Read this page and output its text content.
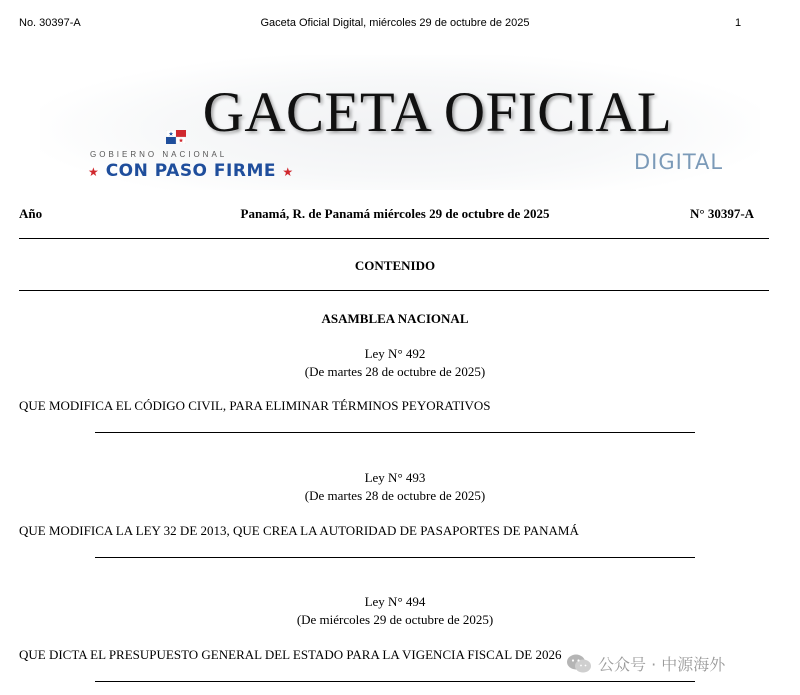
No. 30397-A	Gaceta Oficial Digital, miércoles 29 de octubre de 2025	1
GACETA OFICIAL
GOBIERNO NACIONAL
★ CON PASO FIRME ★	DIGITAL
Año	Panamá, R. de Panamá miércoles 29 de octubre de 2025	N° 30397-A
CONTENIDO
ASAMBLEA NACIONAL
Ley N° 492
(De martes 28 de octubre de 2025)
QUE MODIFICA EL CÓDIGO CIVIL, PARA ELIMINAR TÉRMINOS PEYORATIVOS
Ley N° 493
(De martes 28 de octubre de 2025)
QUE MODIFICA LA LEY 32 DE 2013, QUE CREA LA AUTORIDAD DE PASAPORTES DE PANAMÁ
Ley N° 494
(De miércoles 29 de octubre de 2025)
QUE DICTA EL PRESUPUESTO GENERAL DEL ESTADO PARA LA VIGENCIA FISCAL DE 2026
公众号 · 中源海外
